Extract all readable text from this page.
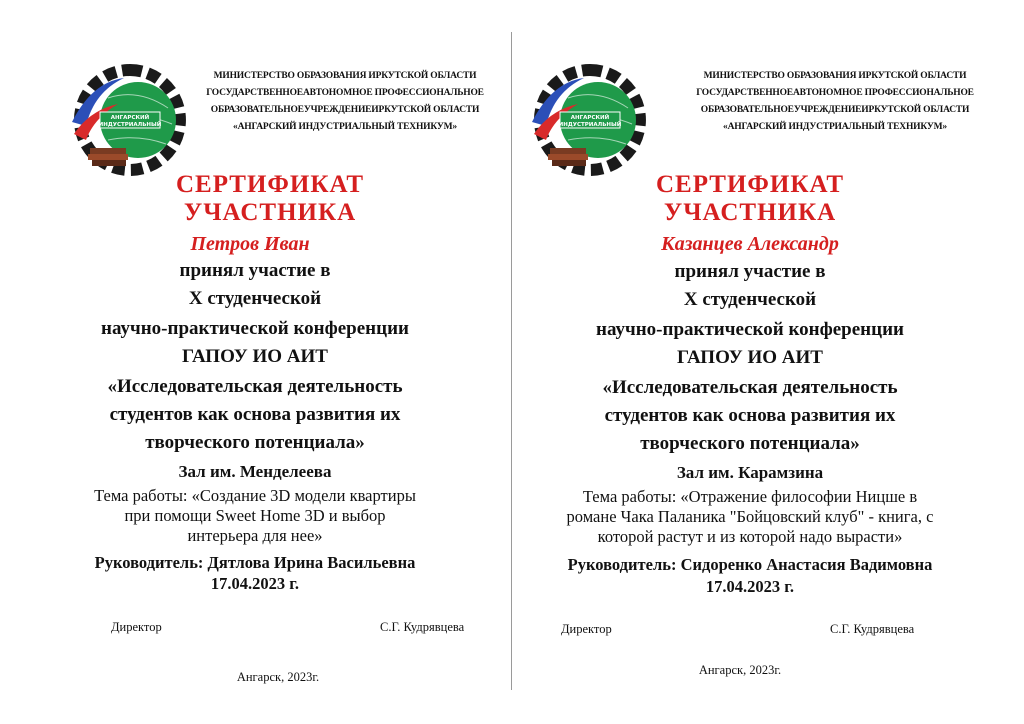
АНГАРСКИЙ
ИНДУСТРИАЛЬНЫЙ
МИНИСТЕРСТВО ОБРАЗОВАНИЯ ИРКУТСКОЙ ОБЛАСТИ
ГОСУДАРСТВЕННОЕАВТОНОМНОЕ ПРОФЕССИОНАЛЬНОЕ
ОБРАЗОВАТЕЛЬНОЕУЧРЕЖДЕНИЕИРКУТСКОЙ ОБЛАСТИ
«АНГАРСКИЙ ИНДУСТРИАЛЬНЫЙ ТЕХНИКУМ»
СЕРТИФИКАТ
УЧАСТНИКА
Петров Иван
принял участие в
X студенческой
научно-практической конференции
ГАПОУ ИО АИТ
«Исследовательская деятельность
студентов как основа развития их
творческого потенциала»
Зал им. Менделеева
Тема работы: «Создание 3D модели квартиры
при помощи Sweet Home 3D и выбор
интерьера для нее»
Руководитель: Дятлова Ирина Васильевна
17.04.2023 г.
Директор	С.Г. Кудрявцева
Ангарск, 2023г.
АНГАРСКИЙ
ИНДУСТРИАЛЬНЫЙ
МИНИСТЕРСТВО ОБРАЗОВАНИЯ ИРКУТСКОЙ ОБЛАСТИ
ГОСУДАРСТВЕННОЕАВТОНОМНОЕ ПРОФЕССИОНАЛЬНОЕ
ОБРАЗОВАТЕЛЬНОЕУЧРЕЖДЕНИЕИРКУТСКОЙ ОБЛАСТИ
«АНГАРСКИЙ ИНДУСТРИАЛЬНЫЙ ТЕХНИКУМ»
СЕРТИФИКАТ
УЧАСТНИКА
Казанцев Александр
принял участие в
X студенческой
научно-практической конференции
ГАПОУ ИО АИТ
«Исследовательская деятельность
студентов как основа развития их
творческого потенциала»
Зал им. Карамзина
Тема работы: «Отражение философии Ницше в
романе Чака Паланика "Бойцовский клуб" - книга, с
которой растут и из которой надо вырасти»
Руководитель: Сидоренко Анастасия Вадимовна
17.04.2023 г.
Директор	С.Г. Кудрявцева
Ангарск, 2023г.
